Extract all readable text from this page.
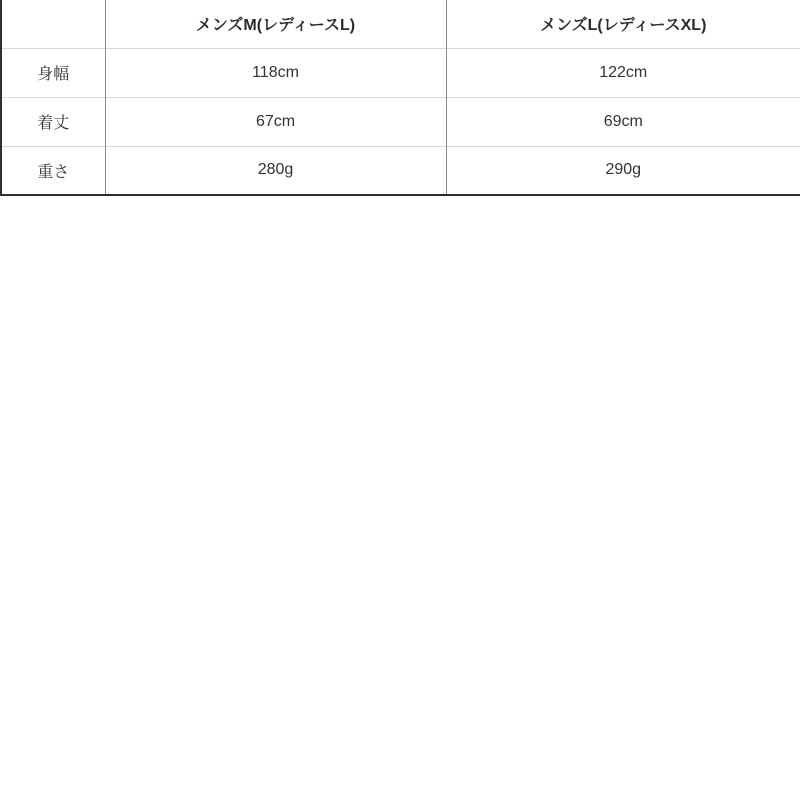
	メンズM(レディースL)	メンズL(レディースXL)
身幅	118cm	122cm
着丈	67cm	69cm
重さ	280g	290g
